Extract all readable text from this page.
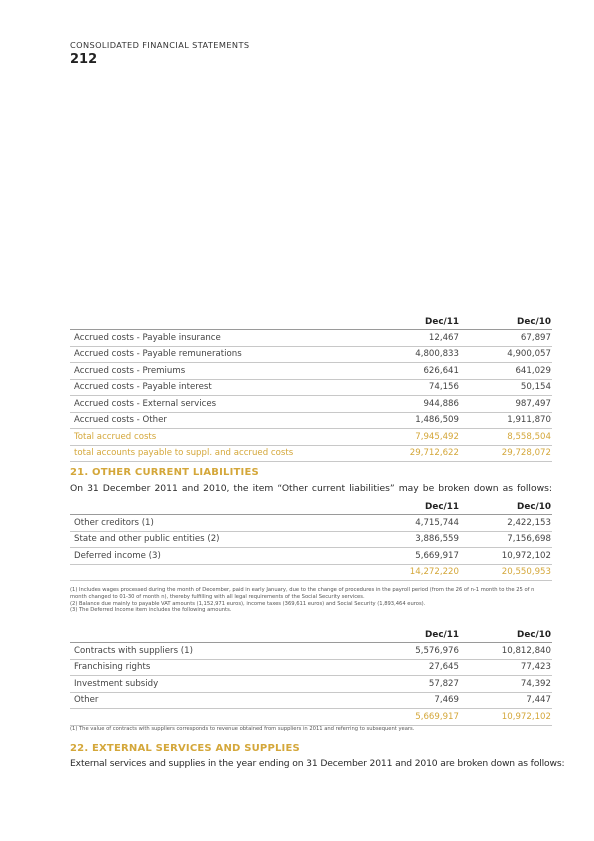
CONSOLIDATED FINANCIAL STATEMENTS
212
	Dec/11	Dec/10
Accrued costs - Payable insurance	12,467	67,897
Accrued costs - Payable remunerations	4,800,833	4,900,057
Accrued costs - Premiums	626,641	641,029
Accrued costs - Payable interest	74,156	50,154
Accrued costs - External services	944,886	987,497
Accrued costs - Other	1,486,509	1,911,870
Total accrued costs	7,945,492	8,558,504
total accounts payable to suppl. and accrued costs	29,712,622	29,728,072
21. OTHER CURRENT LIABILITIES
On 31 December 2011 and 2010, the item “Other current liabilities” may be broken down as follows:
	Dec/11	Dec/10
Other creditors (1)	4,715,744	2,422,153
State and other public entities (2)	3,886,559	7,156,698
Deferred income (3)	5,669,917	10,972,102
	14,272,220	20,550,953
(1) Includes wages processed during the month of December, paid in early January, due to the change of procedures in the payroll period (from the 26 of n-1 month to the 25 of n month changed to 01-30 of month n), thereby fulfilling with all legal requirements of the Social Security services.
(2) Balance due mainly to payable VAT amounts (1,152,971 euros), income taxes (369,611 euros) and Social Security (1,893,464 euros).
(3) The Deferred Income item includes the following amounts.
	Dec/11	Dec/10
Contracts with suppliers (1)	5,576,976	10,812,840
Franchising rights	27,645	77,423
Investment subsidy	57,827	74,392
Other	7,469	7,447
	5,669,917	10,972,102
(1) The value of contracts with suppliers corresponds to revenue obtained from suppliers in 2011 and referring to subsequent years.
22. EXTERNAL SERVICES AND SUPPLIES
External services and supplies in the year ending on 31 December 2011 and 2010 are broken down as follows:
